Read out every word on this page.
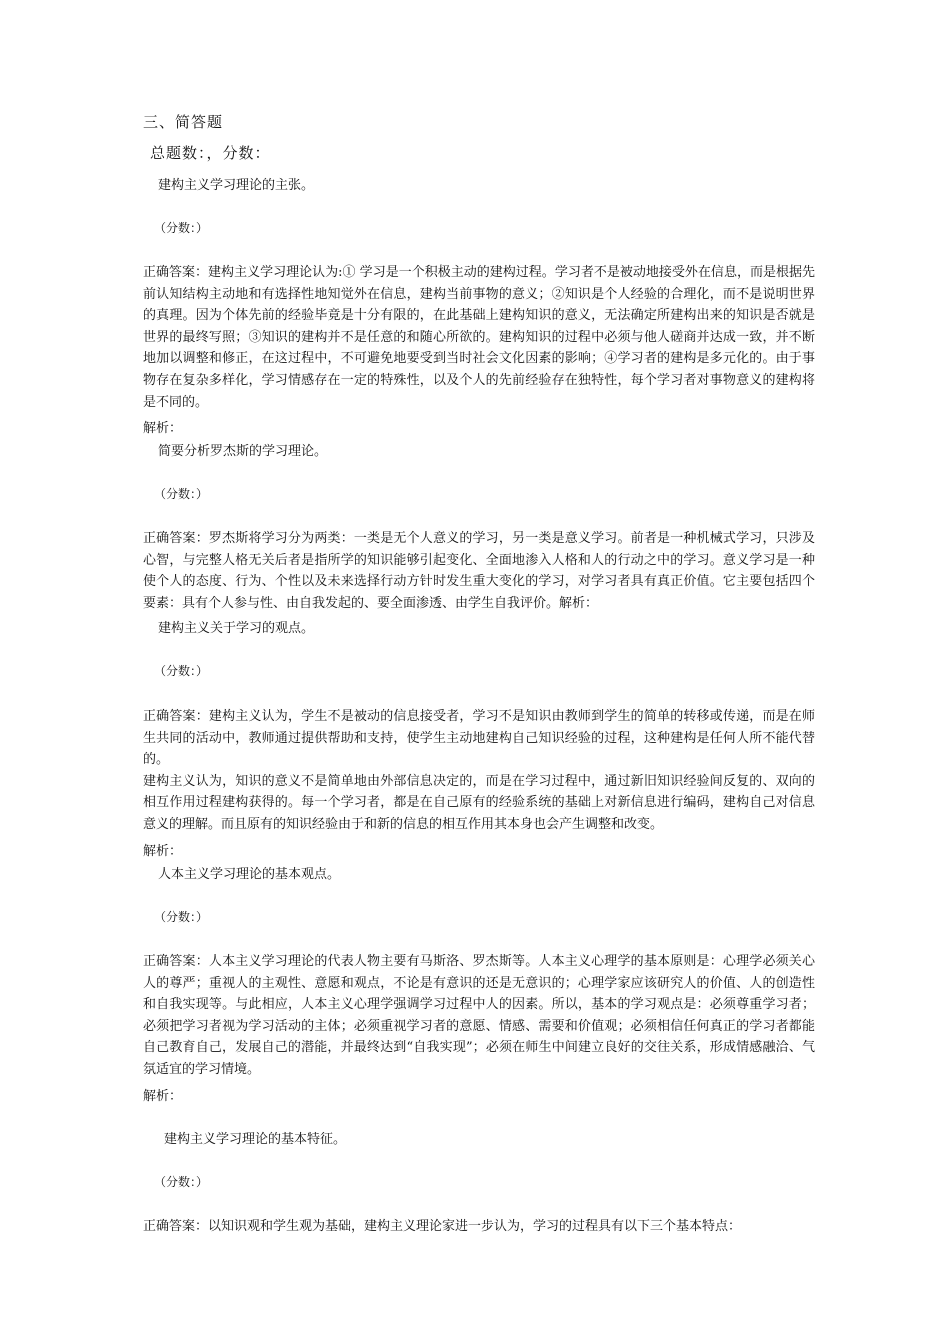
三、简答题
总题数：，分数：
建构主义学习理论的主张。
（分数：）

正确答案：建构主义学习理论认为:① 学习是一个积极主动的建构过程。学习者不是被动地接受外在信息，而是根据先前认知结构主动地和有选择性地知觉外在信息，建构当前事物的意义；②知识是个人经验的合理化，而不是说明世界的真理。因为个体先前的经验毕竟是十分有限的，在此基础上建构知识的意义，无法确定所建构出来的知识是否就是世界的最终写照；③知识的建构并不是任意的和随心所欲的。建构知识的过程中必须与他人磋商并达成一致，并不断地加以调整和修正，在这过程中，不可避免地要受到当时社会文化因素的影响；④学习者的建构是多元化的。由于事物存在复杂多样化，学习情感存在一定的特殊性，以及个人的先前经验存在独特性，每个学习者对事物意义的建构将是不同的。

解析：
简要分析罗杰斯的学习理论。
（分数：）

正确答案：罗杰斯将学习分为两类：一类是无个人意义的学习，另一类是意义学习。前者是一种机械式学习，只涉及心智，与完整人格无关后者是指所学的知识能够引起变化、全面地渗入人格和人的行动之中的学习。意义学习是一种使个人的态度、行为、个性以及未来选择行动方针时发生重大变化的学习，对学习者具有真正价值。它主要包括四个要素：具有个人参与性、由自我发起的、要全面渗透、由学生自我评价。解析：

建构主义关于学习的观点。
（分数：）

正确答案：建构主义认为，学生不是被动的信息接受者，学习不是知识由教师到学生的简单的转移或传递，而是在师生共同的活动中，教师通过提供帮助和支持，使学生主动地建构自己知识经验的过程，这种建构是任何人所不能代替的。

建构主义认为，知识的意义不是简单地由外部信息决定的，而是在学习过程中，通过新旧知识经验间反复的、双向的相互作用过程建构获得的。每一个学习者，都是在自己原有的经验系统的基础上对新信息进行编码，建构自己对信息意义的理解。而且原有的知识经验由于和新的信息的相互作用其本身也会产生调整和改变。

解析：
人本主义学习理论的基本观点。
（分数：）

正确答案：人本主义学习理论的代表人物主要有马斯洛、罗杰斯等。人本主义心理学的基本原则是：心理学必须关心人的尊严；重视人的主观性、意愿和观点，不论是有意识的还是无意识的；心理学家应该研究人的价值、人的创造性和自我实现等。与此相应，人本主义心理学强调学习过程中人的因素。所以，基本的学习观点是：必须尊重学习者；必须把学习者视为学习活动的主体；必须重视学习者的意愿、情感、需要和价值观；必须相信任何真正的学习者都能自己教育自己，发展自己的潜能，并最终达到“自我实现”；必须在师生中间建立良好的交往关系，形成情感融洽、气氛适宜的学习情境。

解析：
建构主义学习理论的基本特征。
（分数：）

正确答案：以知识观和学生观为基础，建构主义理论家进一步认为，学习的过程具有以下三个基本特点：
